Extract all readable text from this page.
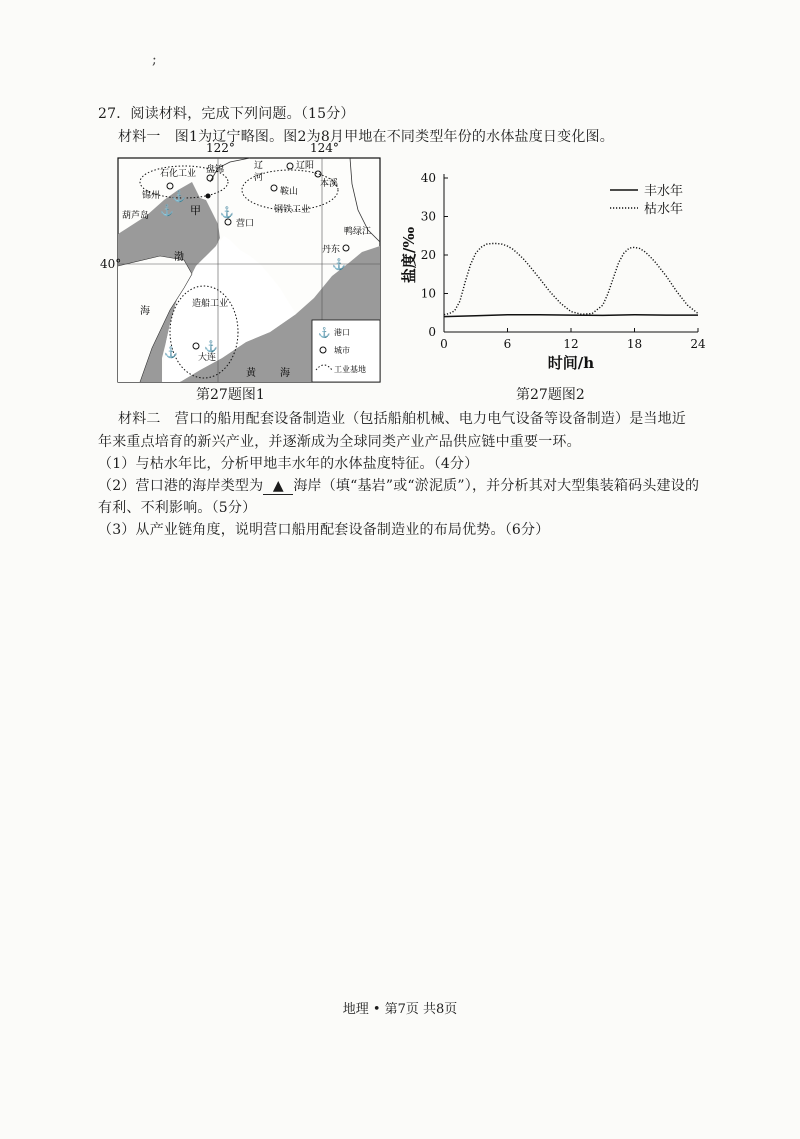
;
27．阅读材料，完成下列问题。（15分）
材料一　图1为辽宁略图。图2为8月甲地在不同类型年份的水体盐度日变化图。
122°	124°
40°
石化工业
钢铁工业
造船工业
锦州
盘锦	辽阳
本溪
鞍山
营口
葫芦岛
丹东
大连
⚓
⚓
⚓
⚓
⚓ ⚓
甲
渤
海
黄 海
辽
河
鸭绿江
⚓ 港口
城市
工业基地
第27题图1
0
10
20
30
40
0	6	12	18	24
时间/h
盐度/‰
丰水年
枯水年
第27题图2
材料二　营口的船用配套设备制造业（包括船舶机械、电力电气设备等设备制造）是当地近
年来重点培育的新兴产业，并逐渐成为全球同类产业产品供应链中重要一环。
（1）与枯水年比，分析甲地丰水年的水体盐度特征。（4分）
（2）营口港的海岸类型为 ▲ 海岸（填“基岩”或“淤泥质”），并分析其对大型集装箱码头建设的
有利、不利影响。（5分）
（3）从产业链角度，说明营口船用配套设备制造业的布局优势。（6分）
地理 • 第7页 共8页
